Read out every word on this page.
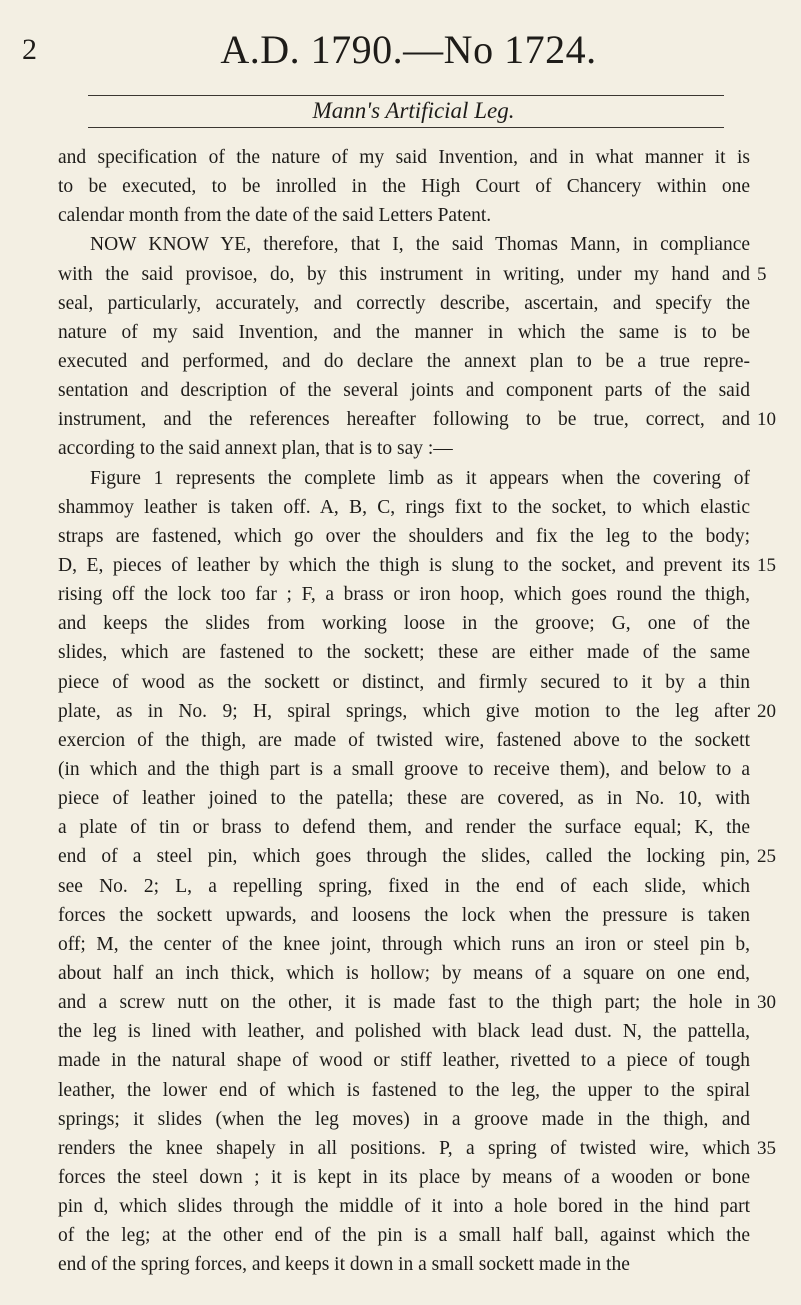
2	A.D. 1790.—No 1724.
Mann's Artificial Leg.
and specification of the nature of my said Invention, and in what manner it is
to be executed, to be inrolled in the High Court of Chancery within one
calendar month from the date of the said Letters Patent.
NOW KNOW YE, therefore, that I, the said Thomas Mann, in compliance
with the said provisoe, do, by this instrument in writing, under my hand and
seal, particularly, accurately, and correctly describe, ascertain, and specify the
nature of my said Invention, and the manner in which the same is to be
executed and performed, and do declare the annext plan to be a true repre-
sentation and description of the several joints and component parts of the said
instrument, and the references hereafter following to be true, correct, and
according to the said annext plan, that is to say :—
Figure 1 represents the complete limb as it appears when the covering of
shammoy leather is taken off. A, B, C, rings fixt to the socket, to which elastic
straps are fastened, which go over the shoulders and fix the leg to the body;
D, E, pieces of leather by which the thigh is slung to the socket, and prevent its
rising off the lock too far ; F, a brass or iron hoop, which goes round the thigh,
and keeps the slides from working loose in the groove; G, one of the
slides, which are fastened to the sockett; these are either made of the same
piece of wood as the sockett or distinct, and firmly secured to it by a thin
plate, as in No. 9; H, spiral springs, which give motion to the leg after
exercion of the thigh, are made of twisted wire, fastened above to the sockett
(in which and the thigh part is a small groove to receive them), and below to a
piece of leather joined to the patella; these are covered, as in No. 10, with
a plate of tin or brass to defend them, and render the surface equal; K, the
end of a steel pin, which goes through the slides, called the locking pin,
see No. 2; L, a repelling spring, fixed in the end of each slide, which
forces the sockett upwards, and loosens the lock when the pressure is taken
off; M, the center of the knee joint, through which runs an iron or steel pin b,
about half an inch thick, which is hollow; by means of a square on one end,
and a screw nutt on the other, it is made fast to the thigh part; the hole in
the leg is lined with leather, and polished with black lead dust. N, the pattella,
made in the natural shape of wood or stiff leather, rivetted to a piece of tough
leather, the lower end of which is fastened to the leg, the upper to the spiral
springs; it slides (when the leg moves) in a groove made in the thigh, and
renders the knee shapely in all positions. P, a spring of twisted wire, which
forces the steel down ; it is kept in its place by means of a wooden or bone
pin d, which slides through the middle of it into a hole bored in the hind part
of the leg; at the other end of the pin is a small half ball, against which the
end of the spring forces, and keeps it down in a small sockett made in the
5
10
15
20
25
30
35
